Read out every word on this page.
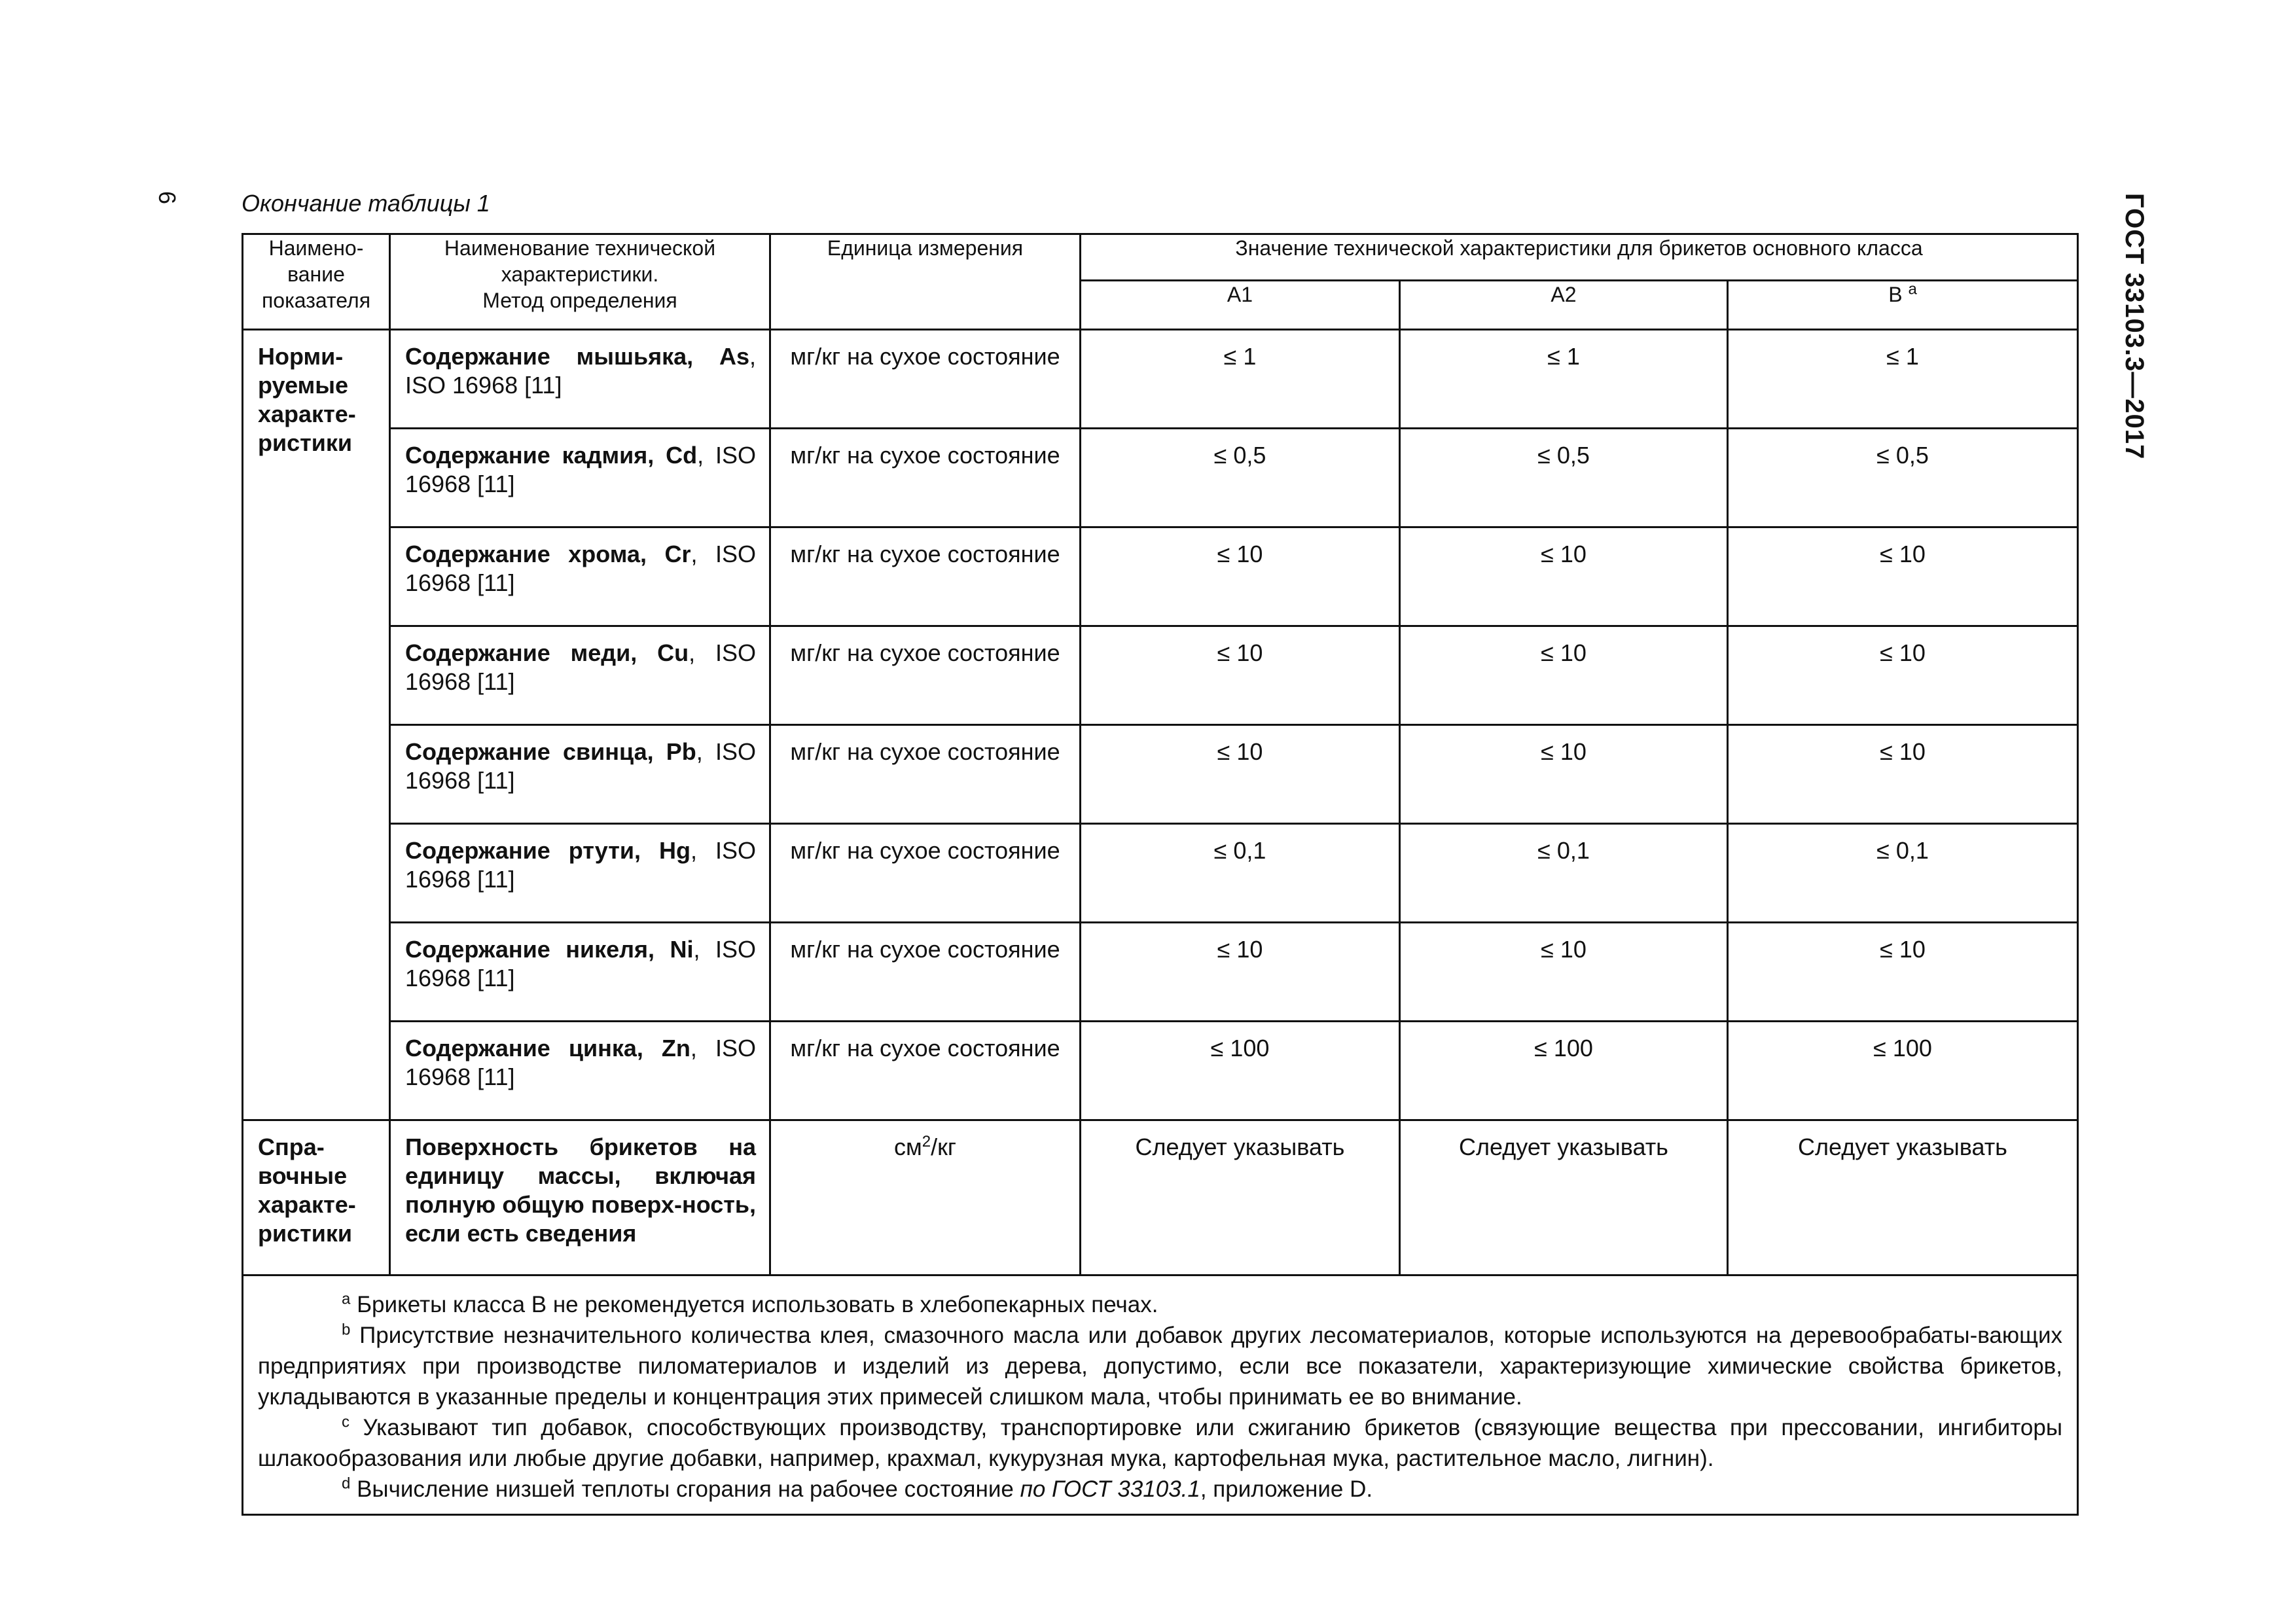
6	ГОСТ 33103.3—2017
Окончание таблицы 1
Наимено-
вание
показателя	Наименование технической
характеристики.
Метод определения	Единица измерения	Значение технической характеристики для брикетов основного класса		
			A1	A2	B $^a$
Норми-
руемые
характе-
ристики	Содержание мышьяка, As, ISO 16968 [11]	мг/кг на сухое состояние	≤ 1	≤ 1	≤ 1
	Содержание кадмия, Cd, ISO 16968 [11]	мг/кг на сухое состояние	≤ 0,5	≤ 0,5	≤ 0,5
	Содержание хрома, Cr, ISO 16968 [11]	мг/кг на сухое состояние	≤ 10	≤ 10	≤ 10
	Содержание меди, Cu, ISO 16968 [11]	мг/кг на сухое состояние	≤ 10	≤ 10	≤ 10
	Содержание свинца, Pb, ISO 16968 [11]	мг/кг на сухое состояние	≤ 10	≤ 10	≤ 10
	Содержание ртути, Hg, ISO 16968 [11]	мг/кг на сухое состояние	≤ 0,1	≤ 0,1	≤ 0,1
	Содержание никеля, Ni, ISO 16968 [11]	мг/кг на сухое состояние	≤ 10	≤ 10	≤ 10
	Содержание цинка, Zn, ISO 16968 [11]	мг/кг на сухое состояние	≤ 100	≤ 100	≤ 100
Спра-
вочные
характе-
ристики	Поверхность брикетов на единицу массы, включая полную общую поверх-ность, если есть сведения	$см^2/кг$	Следует указывать	Следует указывать	Следует указывать

$^a$ Брикеты класса B не рекомендуется использовать в хлебопекарных печах.

$^b$ Присутствие незначительного количества клея, смазочного масла или добавок других лесоматериалов, которые используются на деревообрабаты-вающих предприятиях при производстве пиломатериалов и изделий из дерева, допустимо, если все показатели, характеризующие химические свойства брикетов, укладываются в указанные пределы и концентрация этих примесей слишком мала, чтобы принимать ее во внимание.

$^c$ Указывают тип добавок, способствующих производству, транспортировке или сжиганию брикетов (связующие вещества при прессовании, ингибиторы шлакообразования или любые другие добавки, например, крахмал, кукурузная мука, картофельная мука, растительное масло, лигнин).

$^d$ Вычисление низшей теплоты сгорания на рабочее состояние по ГОСТ 33103.1, приложение D.					
